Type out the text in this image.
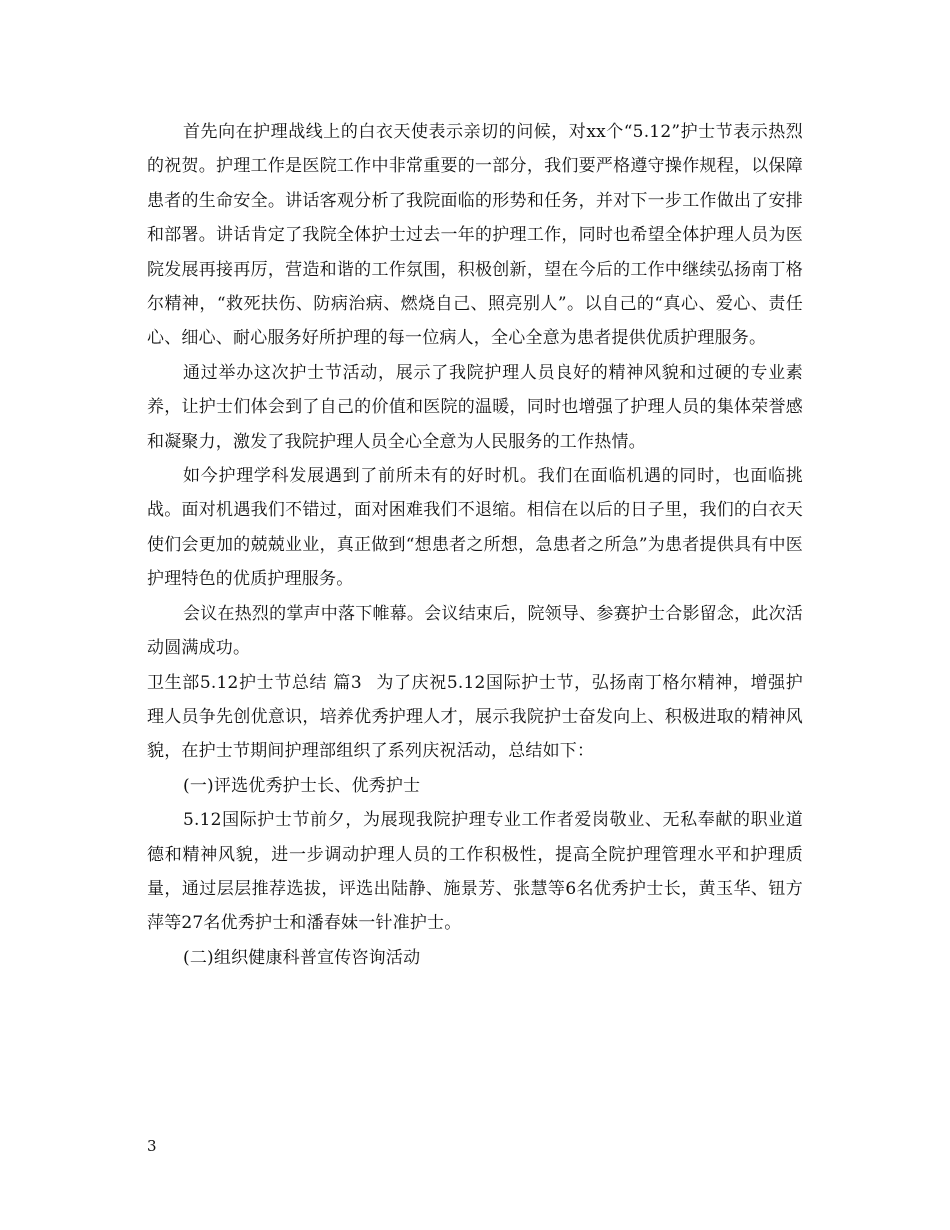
首先向在护理战线上的白衣天使表示亲切的问候，对xx个“5.12”护士节表示热烈的祝贺。护理工作是医院工作中非常重要的一部分，我们要严格遵守操作规程，以保障患者的生命安全。讲话客观分析了我院面临的形势和任务，并对下一步工作做出了安排和部署。讲话肯定了我院全体护士过去一年的护理工作，同时也希望全体护理人员为医院发展再接再厉，营造和谐的工作氛围，积极创新，望在今后的工作中继续弘扬南丁格尔精神，“救死扶伤、防病治病、燃烧自己、照亮别人”。以自己的“真心、爱心、责任心、细心、耐心服务好所护理的每一位病人，全心全意为患者提供优质护理服务。

通过举办这次护士节活动，展示了我院护理人员良好的精神风貌和过硬的专业素养，让护士们体会到了自己的价值和医院的温暖，同时也增强了护理人员的集体荣誉感和凝聚力，激发了我院护理人员全心全意为人民服务的工作热情。

如今护理学科发展遇到了前所未有的好时机。我们在面临机遇的同时，也面临挑战。面对机遇我们不错过，面对困难我们不退缩。相信在以后的日子里，我们的白衣天使们会更加的兢兢业业，真正做到“想患者之所想，急患者之所急”为患者提供具有中医护理特色的优质护理服务。

会议在热烈的掌声中落下帷幕。会议结束后，院领导、参赛护士合影留念，此次活动圆满成功。

卫生部5.12护士节总结 篇3 为了庆祝5.12国际护士节，弘扬南丁格尔精神，增强护理人员争先创优意识，培养优秀护理人才，展示我院护士奋发向上、积极进取的精神风貌，在护士节期间护理部组织了系列庆祝活动，总结如下：

(一)评选优秀护士长、优秀护士

5.12国际护士节前夕，为展现我院护理专业工作者爱岗敬业、无私奉献的职业道德和精神风貌，进一步调动护理人员的工作积极性，提高全院护理管理水平和护理质量，通过层层推荐选拔，评选出陆静、施景芳、张慧等6名优秀护士长，黄玉华、钮方萍等27名优秀护士和潘春妹一针准护士。

(二)组织健康科普宣传咨询活动

3
